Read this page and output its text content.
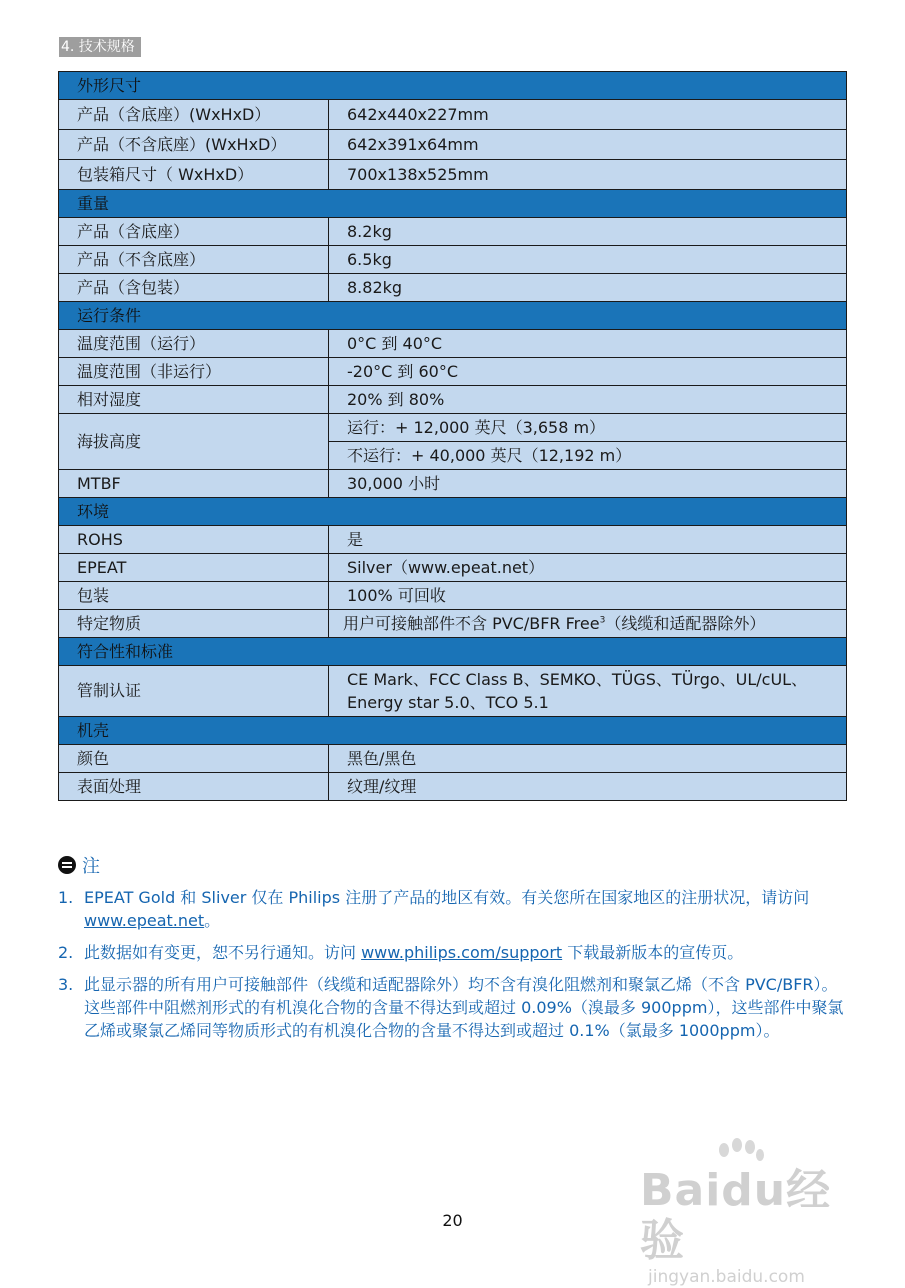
4. 技术规格
外形尺寸	
产品（含底座）(WxHxD）	642x440x227mm
产品（不含底座）(WxHxD）	642x391x64mm
包装箱尺寸（ WxHxD）	700x138x525mm
重量	
产品（含底座）	8.2kg
产品（不含底座）	6.5kg
产品（含包装）	8.82kg
运行条件	
温度范围（运行）	0°C 到 40°C
温度范围（非运行）	-20°C 到 60°C
相对湿度	20% 到 80%
海拔高度	运行：+ 12,000 英尺（3,658 m）
	不运行：+ 40,000 英尺（12,192 m）
MTBF	30,000 小时
环境	
ROHS	是
EPEAT	Silver（www.epeat.net）
包装	100% 可回收
特定物质	用户可接触部件不含 PVC/BFR Free$^3$（线缆和适配器除外）
符合性和标准	
管制认证	CE Mark、FCC Class B、SEMKO、TÜGS、TÜrgo、UL/cUL、Energy star 5.0、TCO 5.1
机壳	
颜色	黑色/黑色
表面处理	纹理/纹理
注
1. EPEAT Gold 和 Sliver 仅在 Philips 注册了产品的地区有效。有关您所在国家地区的注册状况，请访问 www.epeat.net。
2. 此数据如有变更，恕不另行通知。访问 www.philips.com/support 下载最新版本的宣传页。
3. 此显示器的所有用户可接触部件（线缆和适配器除外）均不含有溴化阻燃剂和聚氯乙烯（不含 PVC/BFR）。这些部件中阻燃剂形式的有机溴化合物的含量不得达到或超过 0.09%（溴最多 900ppm），这些部件中聚氯乙烯或聚氯乙烯同等物质形式的有机溴化合物的含量不得达到或超过 0.1%（氯最多 1000ppm）。
20
Baidu经验
jingyan.baidu.com
